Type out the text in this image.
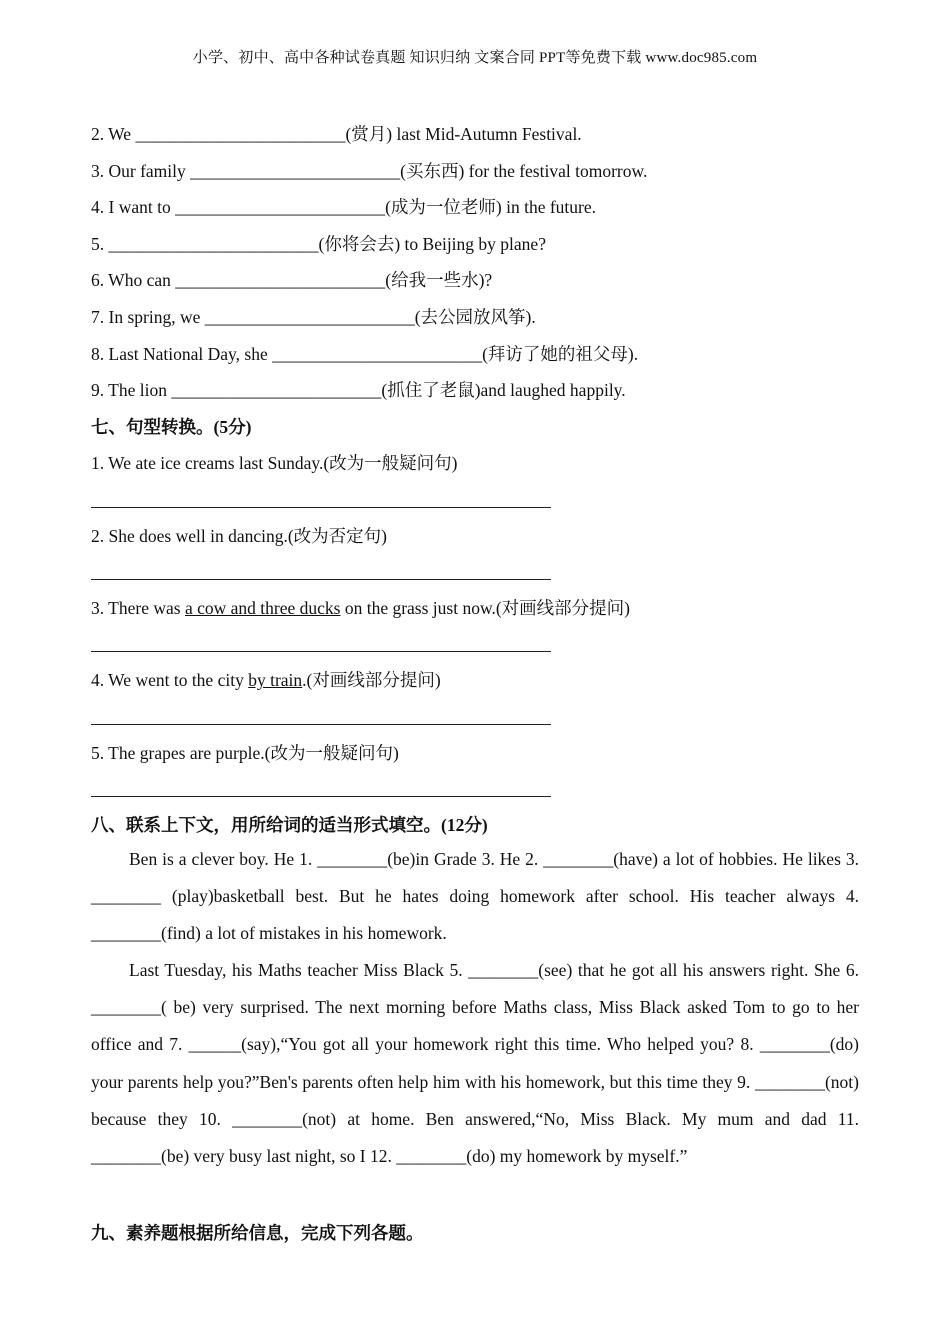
小学、初中、高中各种试卷真题 知识归纳 文案合同 PPT等免费下载 www.doc985.com
2. We ________________________(赏月) last Mid-Autumn Festival.
3. Our family ________________________(买东西) for the festival tomorrow.
4. I want to ________________________(成为一位老师) in the future.
5. ________________________(你将会去) to Beijing by plane?
6. Who can ________________________(给我一些水)?
7. In spring, we ________________________(去公园放风筝).
8. Last National Day, she ________________________(拜访了她的祖父母).
9. The lion ________________________(抓住了老鼠)and laughed happily.
七、句型转换。(5分)
1. We ate ice creams last Sunday.(改为一般疑问句)
2. She does well in dancing.(改为否定句)
3. There was a cow and three ducks on the grass just now.(对画线部分提问)
4. We went to the city by train.(对画线部分提问)
5. The grapes are purple.(改为一般疑问句)
八、联系上下文，用所给词的适当形式填空。(12分)
Ben is a clever boy. He 1. ________(be)in Grade 3. He 2. ________(have) a lot of hobbies. He likes 3. ________ (play)basketball best. But he hates doing homework after school. His teacher always 4. ________(find) a lot of mistakes in his homework.
Last Tuesday, his Maths teacher Miss Black 5. ________(see) that he got all his answers right. She 6. ________( be) very surprised. The next morning before Maths class, Miss Black asked Tom to go to her office and 7. ______(say),“You got all your homework right this time. Who helped you? 8. ________(do) your parents help you?”Ben's parents often help him with his homework, but this time they 9. ________(not) because they 10. ________(not) at home. Ben answered,“No, Miss Black. My mum and dad 11. ________(be) very busy last night, so I 12. ________(do) my homework by myself.”
九、素养题根据所给信息，完成下列各题。
